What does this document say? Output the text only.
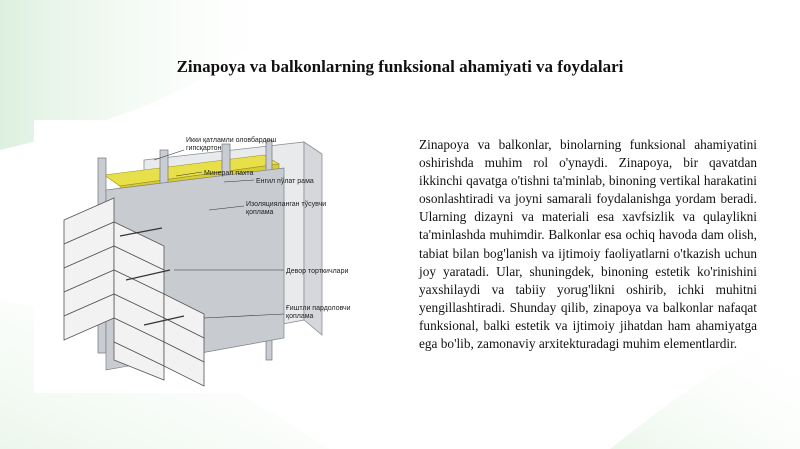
Zinapoya va balkonlarning funksional ahamiyati va foydalari
Икки қатламли оловбардош
гипсқартон
Минерал пахта
Енгил пўлат рама
Изоляцияланган тўсувчи
қоплама
Девор торткичлари
Ғиштли пардоловчи
қоплама

Zinapoya va balkonlar, binolarning funksional ahamiyatini oshirishda muhim rol o'ynaydi. Zinapoya, bir qavatdan ikkinchi qavatga o'tishni ta'minlab, binoning vertikal harakatini osonlashtiradi va joyni samarali foydalanishga yordam beradi. Ularning dizayni va materiali esa xavfsizlik va qulaylikni ta'minlashda muhimdir. Balkonlar esa ochiq havoda dam olish, tabiat bilan bog'lanish va ijtimoiy faoliyatlarni o'tkazish uchun joy yaratadi. Ular, shuningdek, binoning estetik ko'rinishini yaxshilaydi va tabiiy yorug'likni oshirib, ichki muhitni yengillashtiradi. Shunday qilib, zinapoya va balkonlar nafaqat funksional, balki estetik va ijtimoiy jihatdan ham ahamiyatga ega bo'lib, zamonaviy arxitekturadagi muhim elementlardir.
